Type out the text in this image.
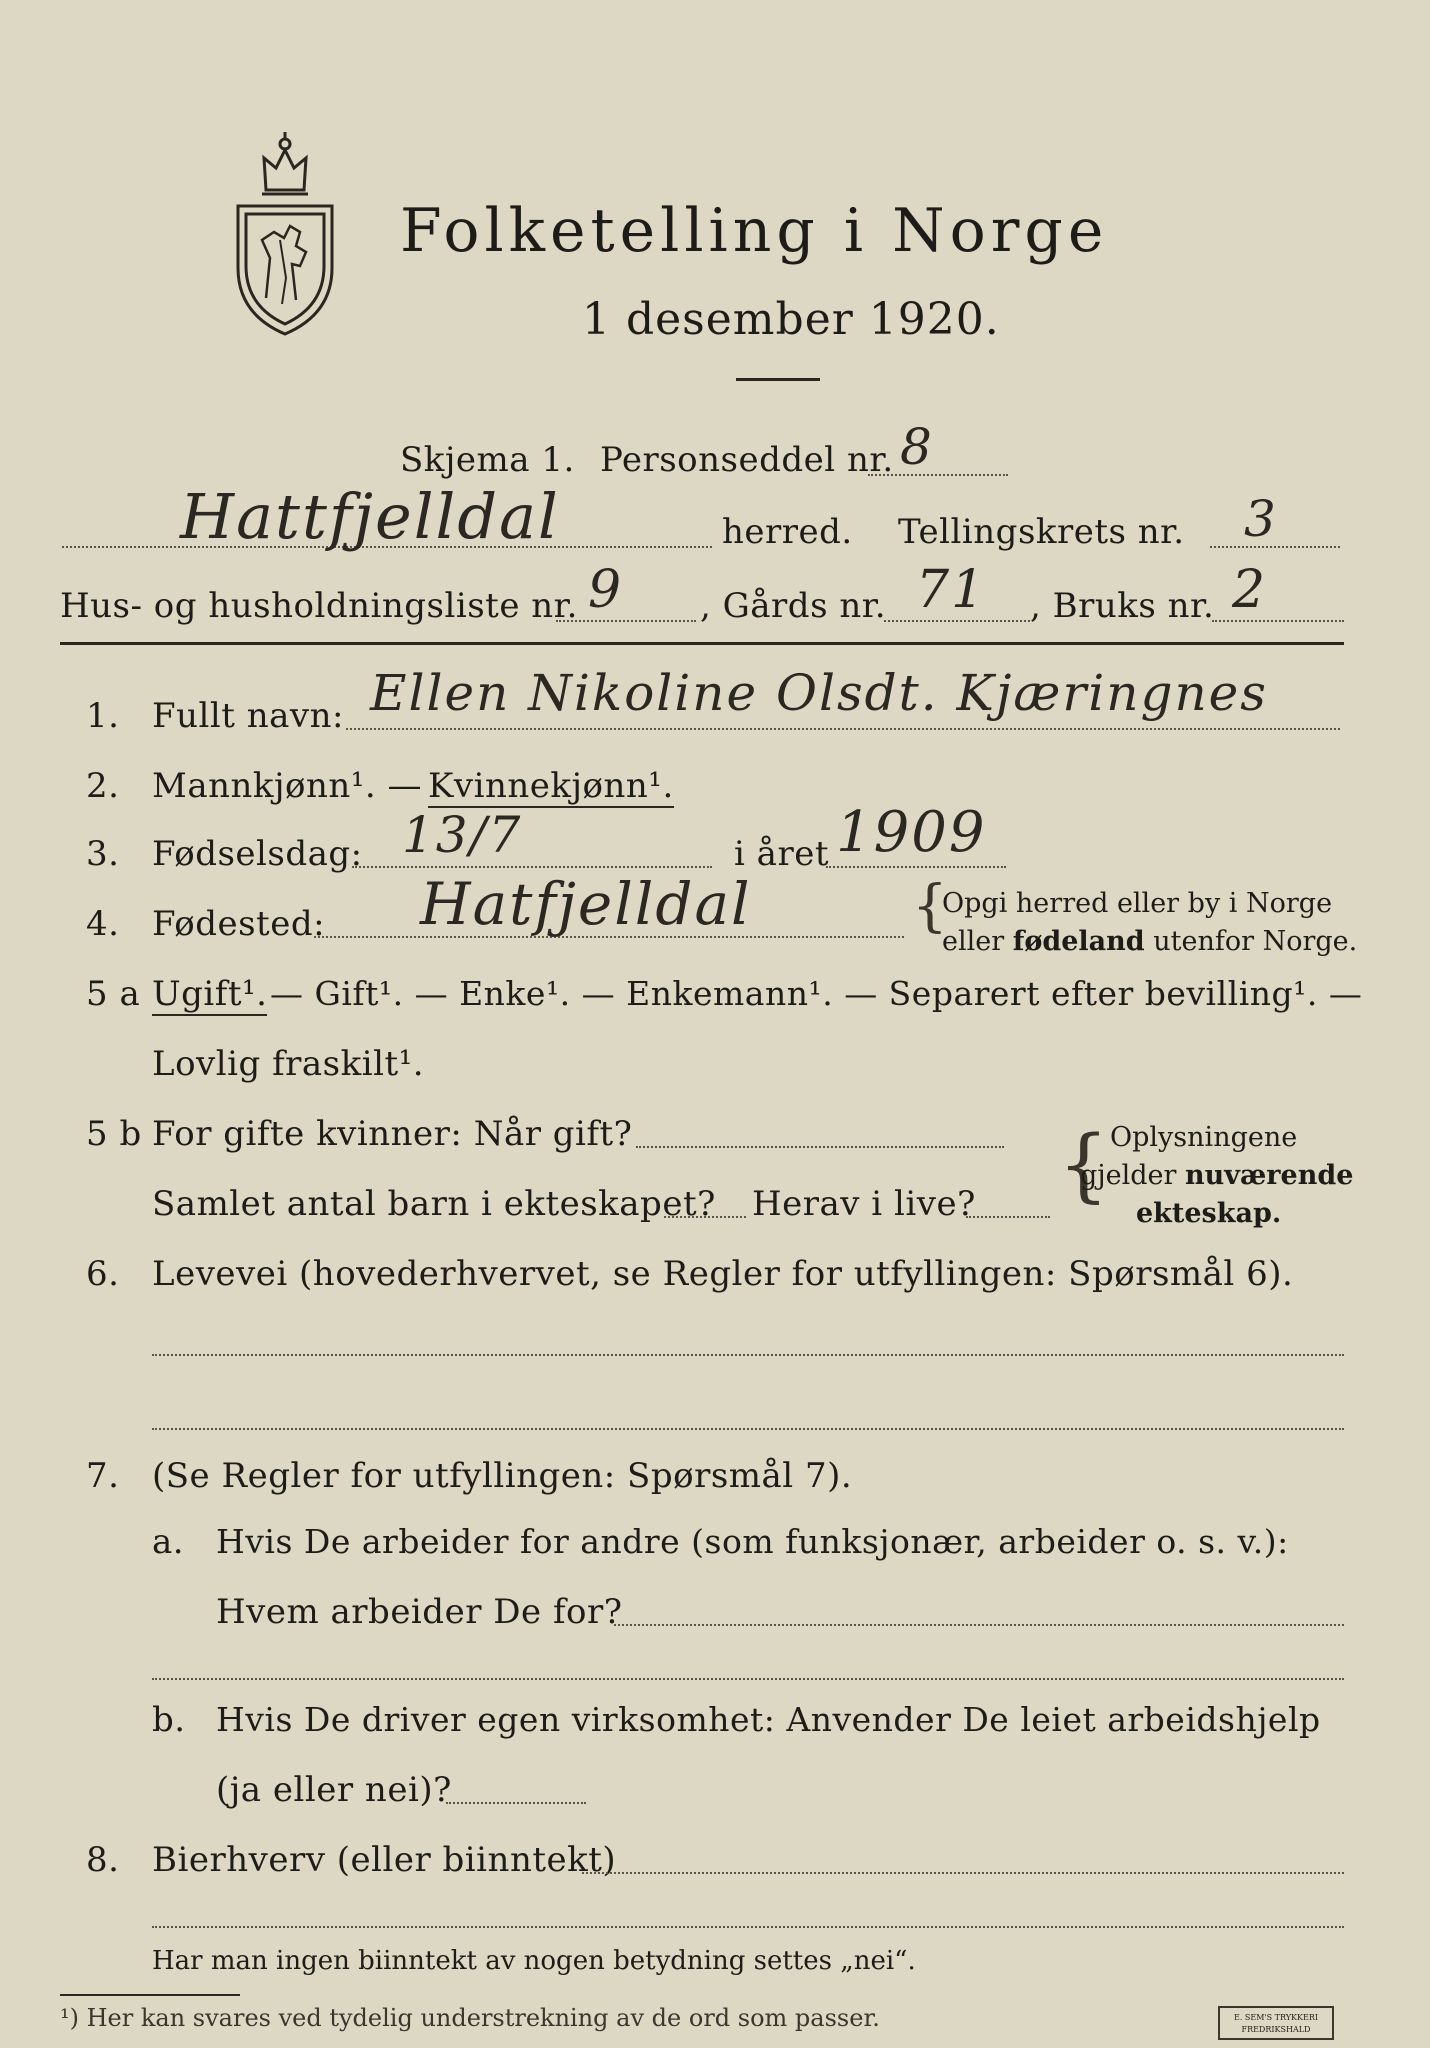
Folketelling i Norge
1 desember 1920.
Skjema 1. Personseddel nr. 8
Hattfjelldal	herred. Tellingskrets nr. 3
Hus- og husholdningsliste nr. 9 , Gårds nr. 71 , Bruks nr. 2
1. Fullt navn: Ellen Nikoline Olsdt. Kjæringnes
2. Mannkjønn¹. — Kvinnekjønn¹.
3. Fødselsdag: 13/7	i året 1909
4. Fødested: Hatfjelldal	{
Opgi herred eller by i Norge
eller fødeland utenfor Norge.
5 a Ugift¹. — Gift¹. — Enke¹. — Enkemann¹. — Separert efter bevilling¹. —
Lovlig fraskilt¹.
5 b For gifte kvinner: Når gift?
Samlet antal barn i ekteskapet? Herav i live? { Oplysningene
gjelder nuværende
ekteskap.
6. Levevei (hovederhvervet, se Regler for utfyllingen: Spørsmål 6).
7. (Se Regler for utfyllingen: Spørsmål 7).
a. Hvis De arbeider for andre (som funksjonær, arbeider o. s. v.):
Hvem arbeider De for?
b. Hvis De driver egen virksomhet: Anvender De leiet arbeidshjelp
(ja eller nei)?
8. Bierhverv (eller biinntekt)
Har man ingen biinntekt av nogen betydning settes „nei“.
¹) Her kan svares ved tydelig understrekning av de ord som passer.	E. SEM'S TRYKKERI
FREDRIKSHALD
